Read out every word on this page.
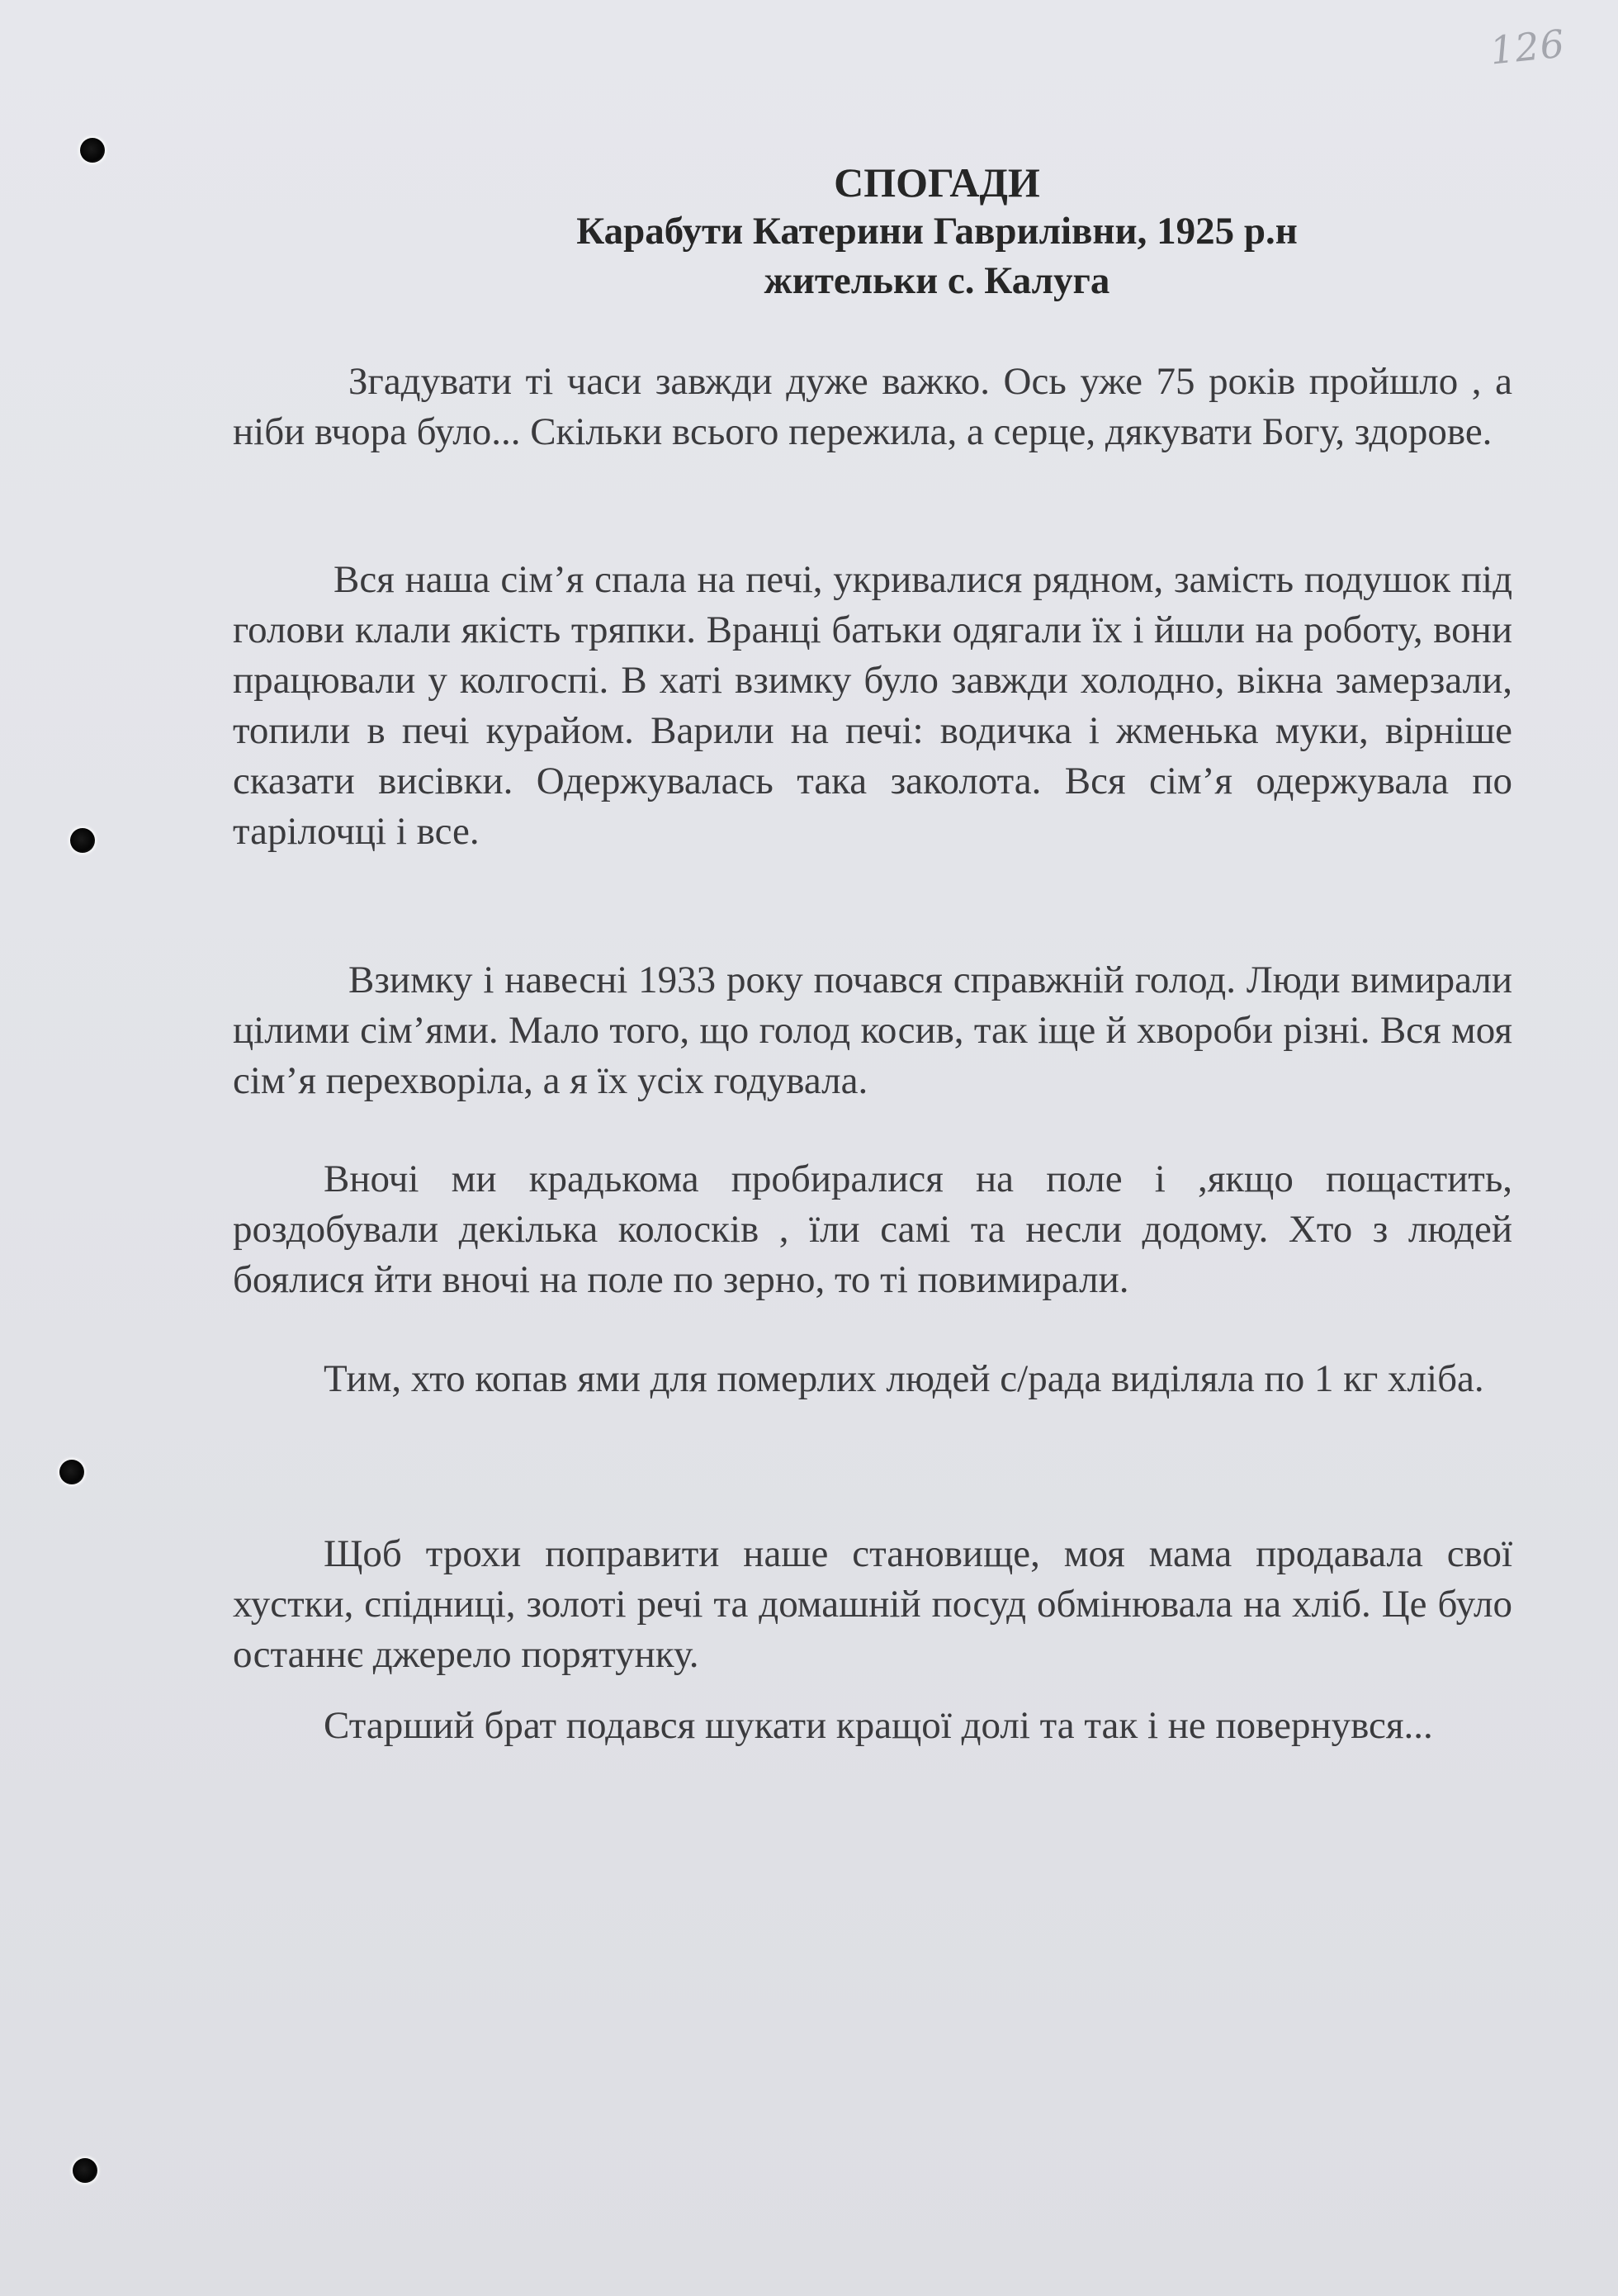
126
СПОГАДИ
Карабути Катерини Гаврилівни, 1925 р.н
жительки с. Калуга

Згадувати ті часи завжди дуже важко. Ось уже 75 років пройшло , а ніби вчора було... Скільки всього пережила, а серце, дякувати Богу, здорове.

Вся наша сім’я спала на печі, укривалися рядном, замість подушок під голови клали якість тряпки. Вранці батьки одягали їх і йшли на роботу, вони працювали у колгоспі. В хаті взимку було завжди холодно, вікна замерзали, топили в печі курайом. Варили на печі: водичка і жменька муки, вірніше сказати висівки. Одержувалась така заколота. Вся сім’я одержувала по тарілочці і все.

Взимку і навесні 1933 року почався справжній голод. Люди вимирали цілими сім’ями. Мало того, що голод косив, так іще й хвороби різні. Вся моя сім’я перехворіла, а я їх усіх годувала.

Вночі ми крадькома пробиралися на поле і ,якщо пощастить, роздобували декілька колосків , їли самі та несли додому. Хто з людей боялися йти вночі на поле по зерно, то ті повимирали.

Тим, хто копав ями для померлих людей с/рада виділяла по 1 кг хліба.

Щоб трохи поправити наше становище, моя мама продавала свої хустки, спідниці, золоті речі та домашній посуд обмінювала на хліб. Це було останнє джерело порятунку.

Старший брат подався шукати кращої долі та так і не повернувся...
